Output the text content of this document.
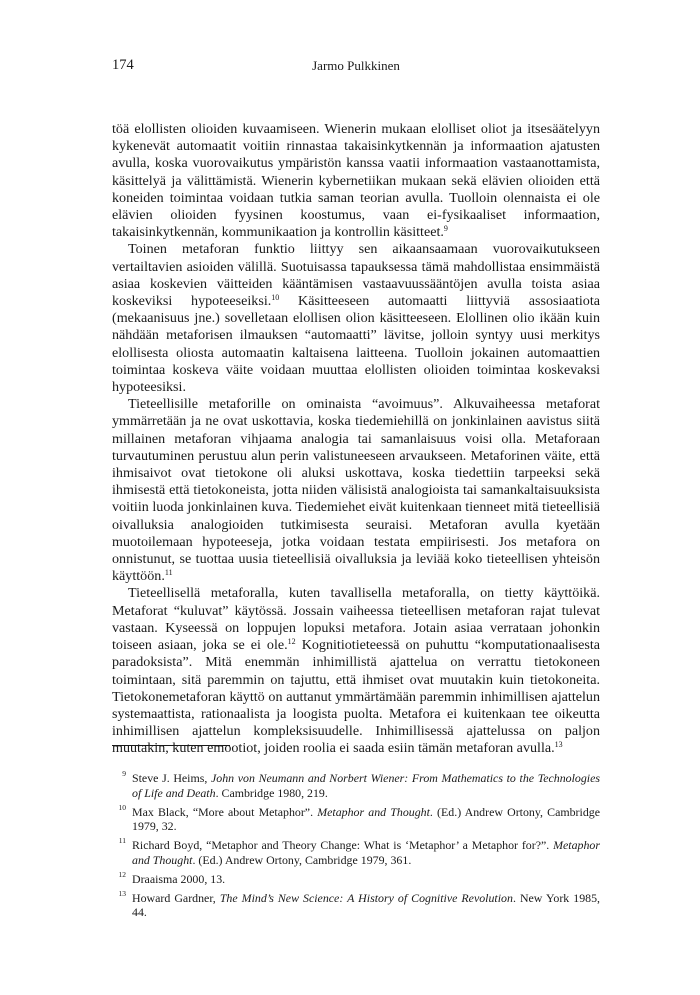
174	Jarmo Pulkkinen

töä elollisten olioiden kuvaamiseen. Wienerin mukaan elolliset oliot ja itsesäätelyyn kykenevät automaatit voitiin rinnastaa takaisinkytkennän ja informaation ajatusten avulla, koska vuorovaikutus ympäristön kanssa vaatii informaation vastaanottamista, käsittelyä ja välittämistä. Wienerin kybernetiikan mukaan sekä elävien olioiden että koneiden toimintaa voidaan tutkia saman teorian avulla. Tuolloin olennaista ei ole elävien olioiden fyysinen koostumus, vaan ei-fysikaaliset informaation, takaisinkytkennän, kommunikaation ja kontrollin käsitteet.$^9$

Toinen metaforan funktio liittyy sen aikaansaamaan vuorovaikutukseen vertailtavien asioiden välillä. Suotuisassa tapauksessa tämä mahdollistaa ensimmäistä asiaa koskevien väitteiden kääntämisen vastaavuussääntöjen avulla toista asiaa koskeviksi hypoteeseiksi.$^{10}$ Käsitteeseen automaatti liittyviä assosiaatiota (mekaanisuus jne.) sovelletaan elollisen olion käsitteeseen. Elollinen olio ikään kuin nähdään metaforisen ilmauksen “automaatti” lävitse, jolloin syntyy uusi merkitys elollisesta oliosta automaatin kaltaisena laitteena. Tuolloin jokainen automaattien toimintaa koskeva väite voidaan muuttaa elollisten olioiden toimintaa koskevaksi hypoteesiksi.

Tieteellisille metaforille on ominaista “avoimuus”. Alkuvaiheessa metaforat ymmärretään ja ne ovat uskottavia, koska tiedemiehillä on jonkinlainen aavistus siitä millainen metaforan vihjaama analogia tai samanlaisuus voisi olla. Metaforaan turvautuminen perustuu alun perin valistuneeseen arvaukseen. Metaforinen väite, että ihmisaivot ovat tietokone oli aluksi uskottava, koska tiedettiin tarpeeksi sekä ihmisestä että tietokoneista, jotta niiden välisistä analogioista tai samankaltaisuuksista voitiin luoda jonkinlainen kuva. Tiedemiehet eivät kuitenkaan tienneet mitä tieteellisiä oivalluksia analogioiden tutkimisesta seuraisi. Metaforan avulla kyetään muotoilemaan hypoteeseja, jotka voidaan testata empiirisesti. Jos metafora on onnistunut, se tuottaa uusia tieteellisiä oivalluksia ja leviää koko tieteellisen yhteisön käyttöön.$^{11}$

Tieteellisellä metaforalla, kuten tavallisella metaforalla, on tietty käyttöikä. Metaforat “kuluvat” käytössä. Jossain vaiheessa tieteellisen metaforan rajat tulevat vastaan. Kyseessä on loppujen lopuksi metafora. Jotain asiaa verrataan johonkin toiseen asiaan, joka se ei ole.$^{12}$ Kognitiotieteessä on puhuttu “komputationaalisesta paradoksista”. Mitä enemmän inhimillistä ajattelua on verrattu tietokoneen toimintaan, sitä paremmin on tajuttu, että ihmiset ovat muutakin kuin tietokoneita. Tietokonemetaforan käyttö on auttanut ymmärtämään paremmin inhimillisen ajattelun systemaattista, rationaalista ja loogista puolta. Metafora ei kuitenkaan tee oikeutta inhimillisen ajattelun kompleksisuudelle. Inhimillisessä ajattelussa on paljon muutakin, kuten emootiot, joiden roolia ei saada esiin tämän metaforan avulla.$^{13}$

9 Steve J. Heims, John von Neumann and Norbert Wiener: From Mathematics to the Technologies of Life and Death. Cambridge 1980, 219.
10 Max Black, “More about Metaphor”. Metaphor and Thought. (Ed.) Andrew Ortony, Cambridge 1979, 32.
11 Richard Boyd, “Metaphor and Theory Change: What is ‘Metaphor’ a Metaphor for?”. Metaphor and Thought. (Ed.) Andrew Ortony, Cambridge 1979, 361.
12 Draaisma 2000, 13.
13 Howard Gardner, The Mind’s New Science: A History of Cognitive Revolution. New York 1985, 44.
